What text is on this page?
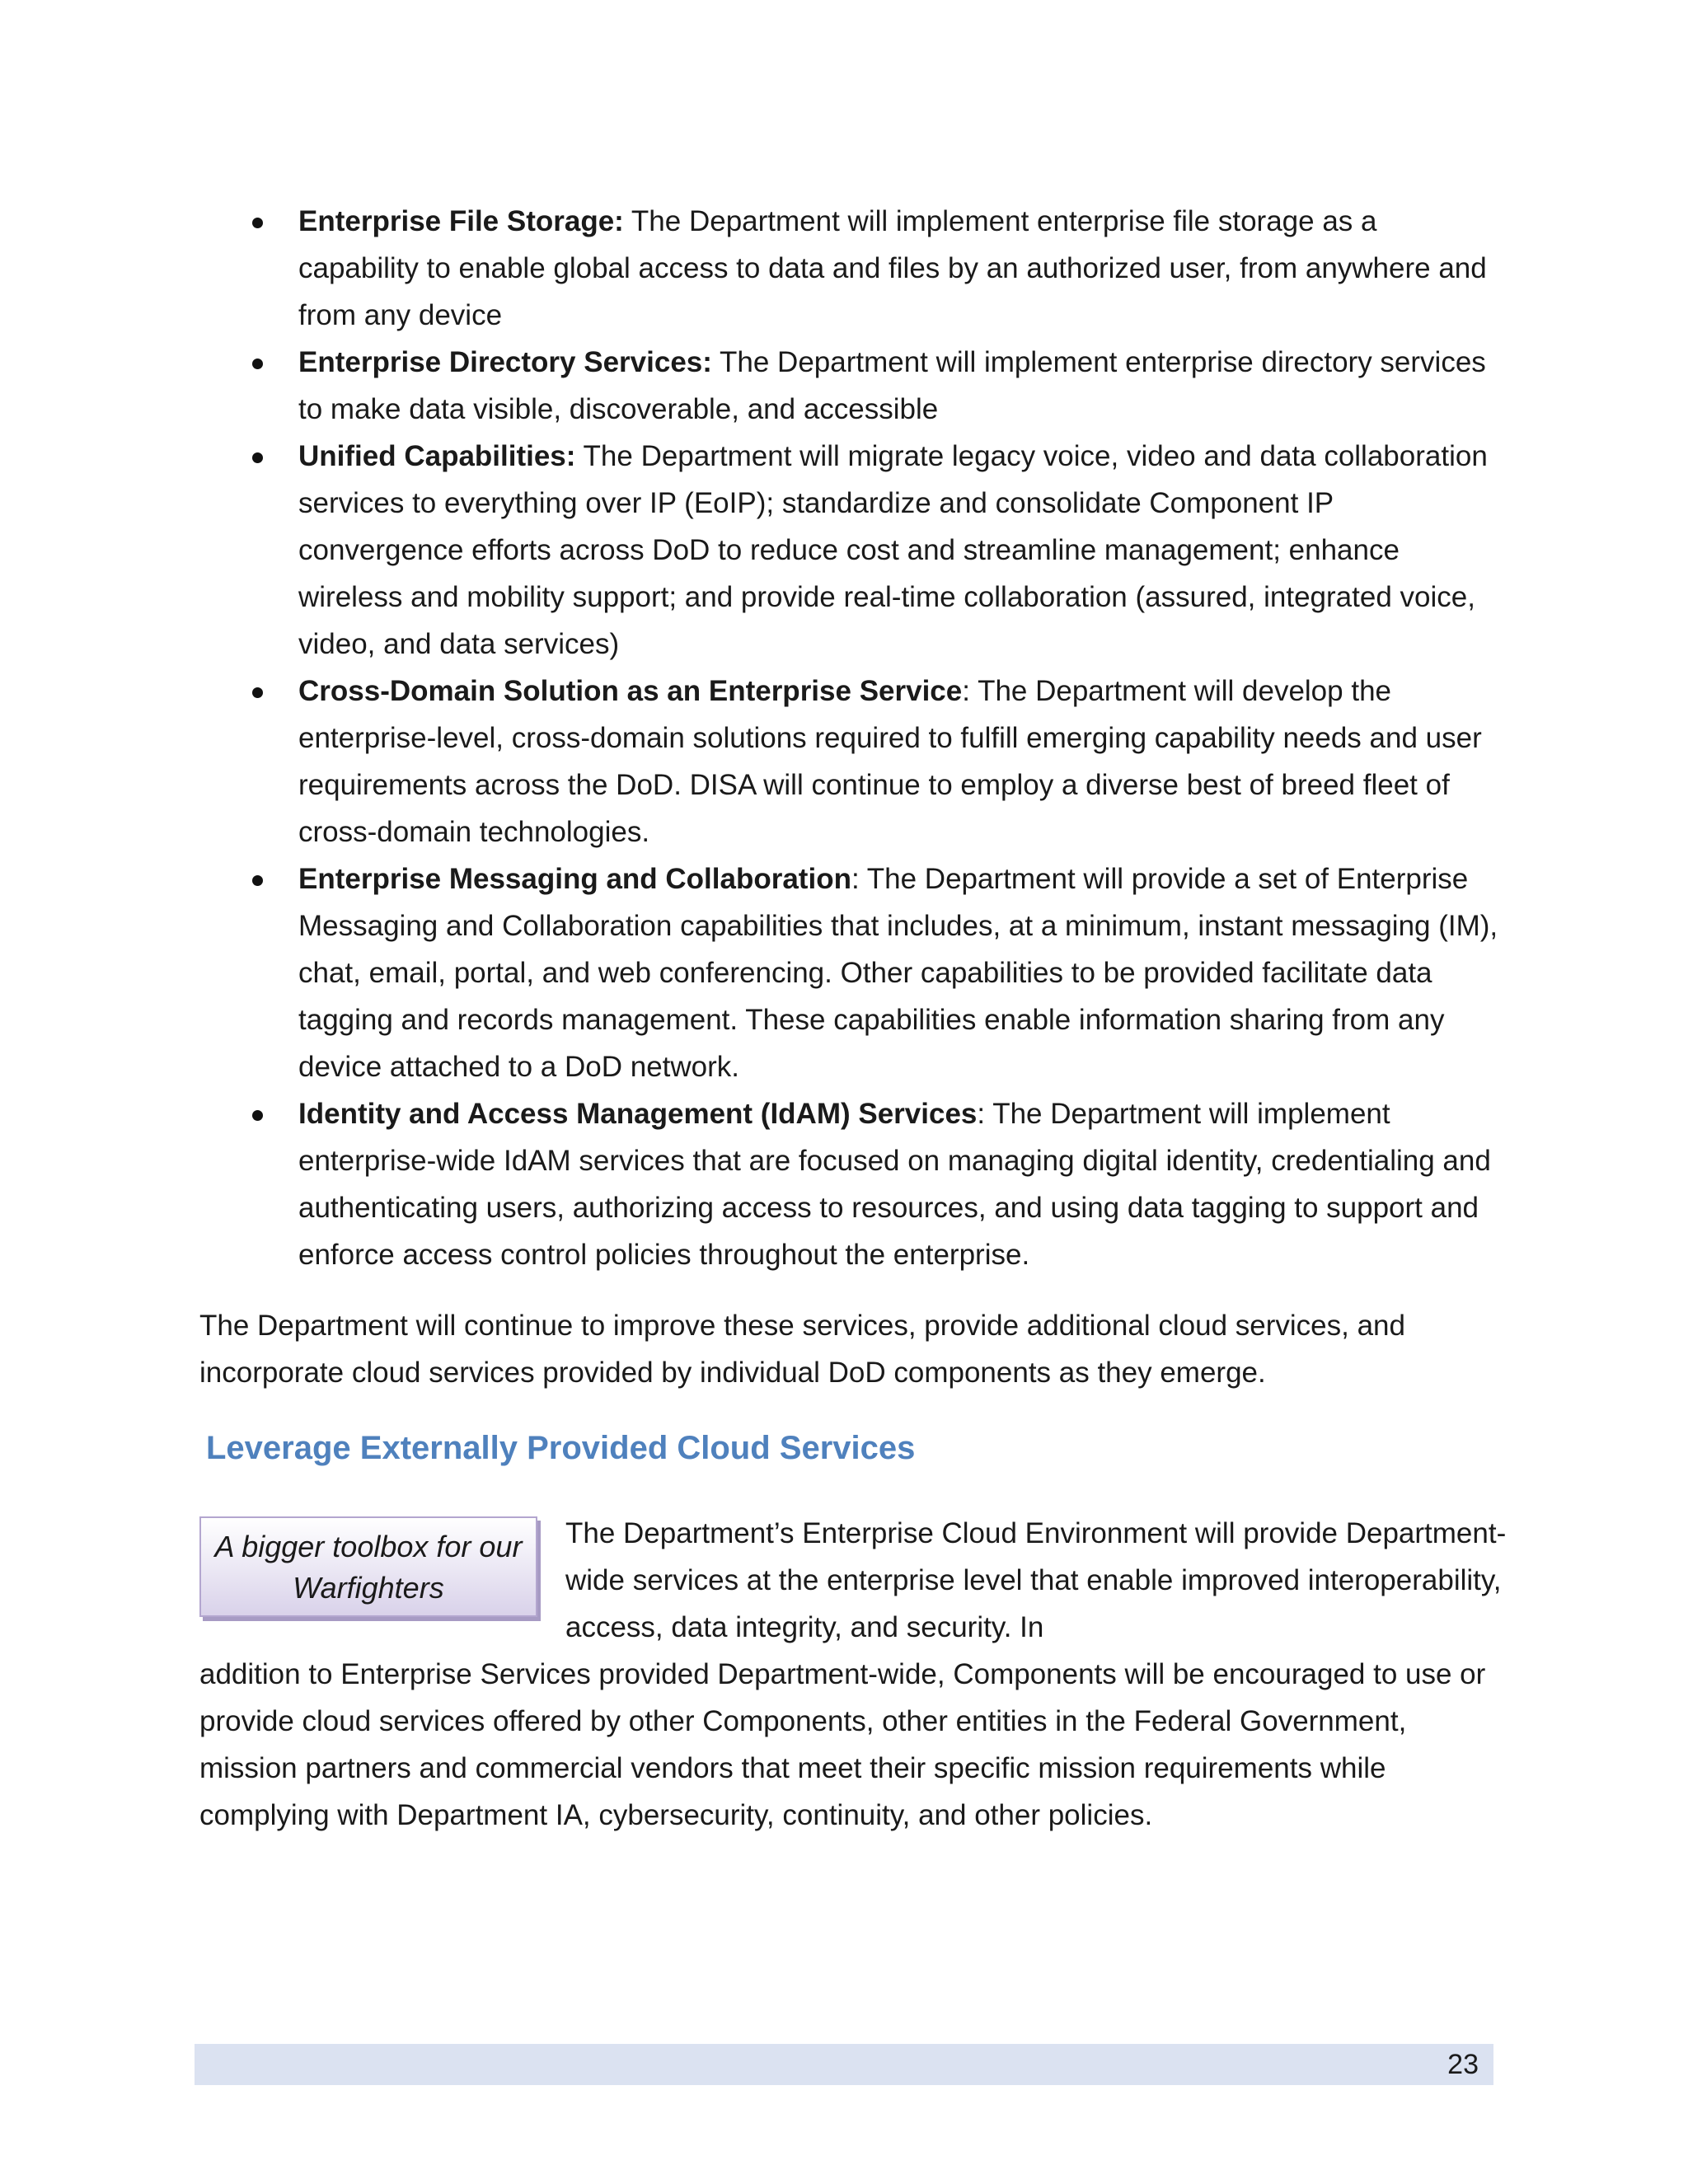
Enterprise File Storage: The Department will implement enterprise file storage as a capability to enable global access to data and files by an authorized user, from anywhere and from any device
Enterprise Directory Services: The Department will implement enterprise directory services to make data visible, discoverable, and accessible
Unified Capabilities: The Department will migrate legacy voice, video and data collaboration services to everything over IP (EoIP); standardize and consolidate Component IP convergence efforts across DoD to reduce cost and streamline management; enhance wireless and mobility support; and provide real-time collaboration (assured, integrated voice, video, and data services)
Cross-Domain Solution as an Enterprise Service: The Department will develop the enterprise-level, cross-domain solutions required to fulfill emerging capability needs and user requirements across the DoD. DISA will continue to employ a diverse best of breed fleet of cross-domain technologies.
Enterprise Messaging and Collaboration: The Department will provide a set of Enterprise Messaging and Collaboration capabilities that includes, at a minimum, instant messaging (IM), chat, email, portal, and web conferencing. Other capabilities to be provided facilitate data tagging and records management. These capabilities enable information sharing from any device attached to a DoD network.
Identity and Access Management (IdAM) Services: The Department will implement enterprise-wide IdAM services that are focused on managing digital identity, credentialing and authenticating users, authorizing access to resources, and using data tagging to support and enforce access control policies throughout the enterprise.

The Department will continue to improve these services, provide additional cloud services, and incorporate cloud services provided by individual DoD components as they emerge.

Leverage Externally Provided Cloud Services
A bigger toolbox for our Warfighters

The Department’s Enterprise Cloud Environment will provide Department-wide services at the enterprise level that enable improved interoperability, access, data integrity, and security. In

addition to Enterprise Services provided Department-wide, Components will be encouraged to use or provide cloud services offered by other Components, other entities in the Federal Government, mission partners and commercial vendors that meet their specific mission requirements while complying with Department IA, cybersecurity, continuity, and other policies.

23
